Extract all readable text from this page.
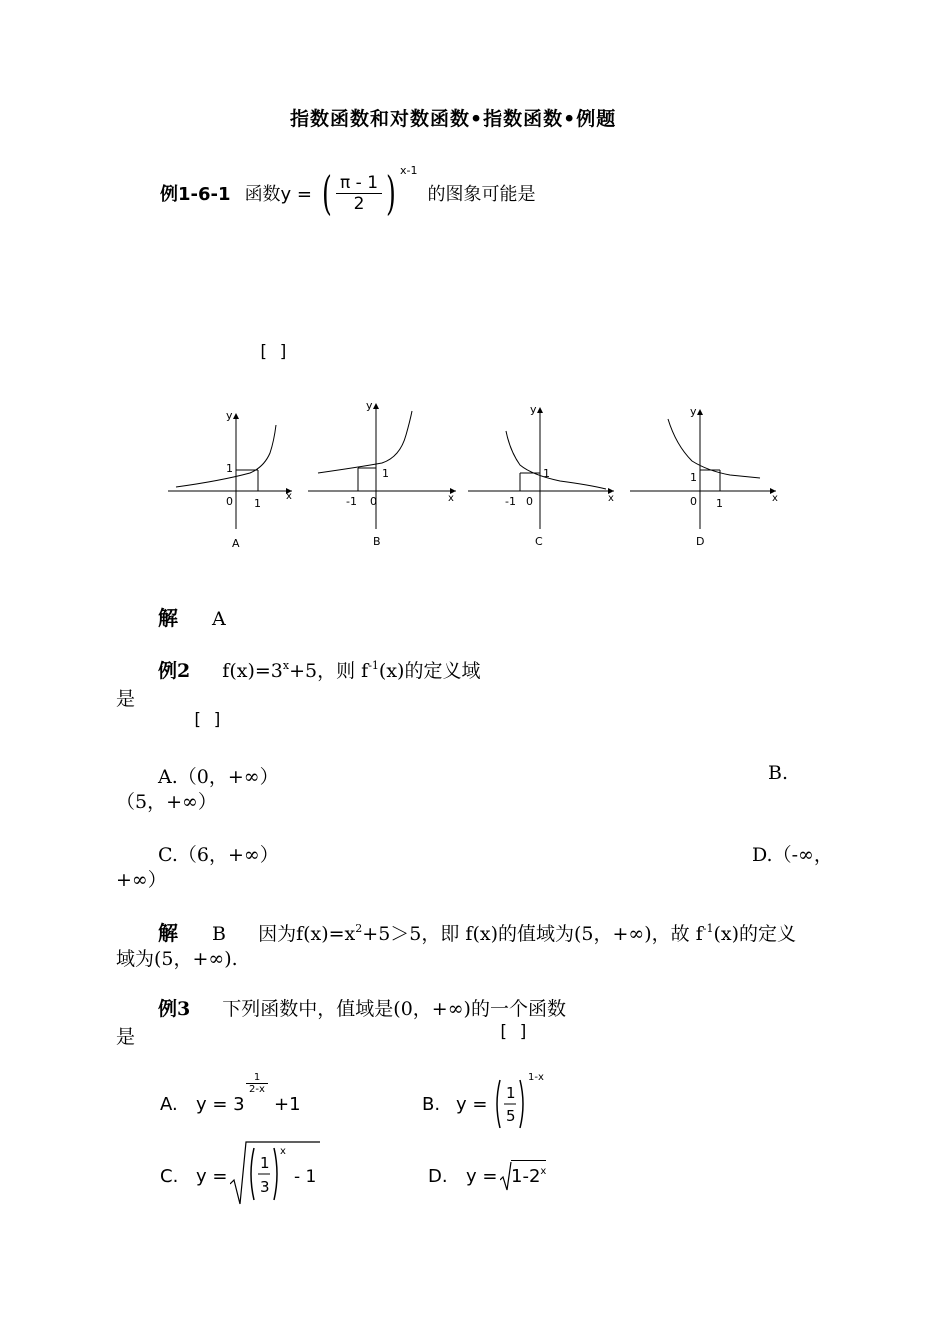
指数函数和对数函数•指数函数•例题
例1-6-1 函数y = ( $\frac{\pi - 1}{2}$ ) $^{x-1}$ 的图象可能是
[ ]
y
1
0 1
x
A
y
1
-1 0	x
B
y
1
-1 0	x
C
y
1
0 1	x
D
解 A
例2 $f(x)=3^x+5$，则 $f^{-1}(x)$的定义域
是
[ ]
A.（0，+∞）	B.
（5，+∞）
C.（6，+∞）	D.（-∞，
+∞）
解 B 因为$f(x)=x^2+5>5$，即 f(x)的值域为(5，+∞)，故 $f^{-1}(x)$的定义
域为(5，+∞).
例3 下列函数中，值域是(0，+∞)的一个函数
是	[ ]
A. y = 3
$\frac{1}{2-x}$
+1	B. y =
1
5
1-x
C. y =
1
3
x
- 1	D. $y = 1-2^x$
